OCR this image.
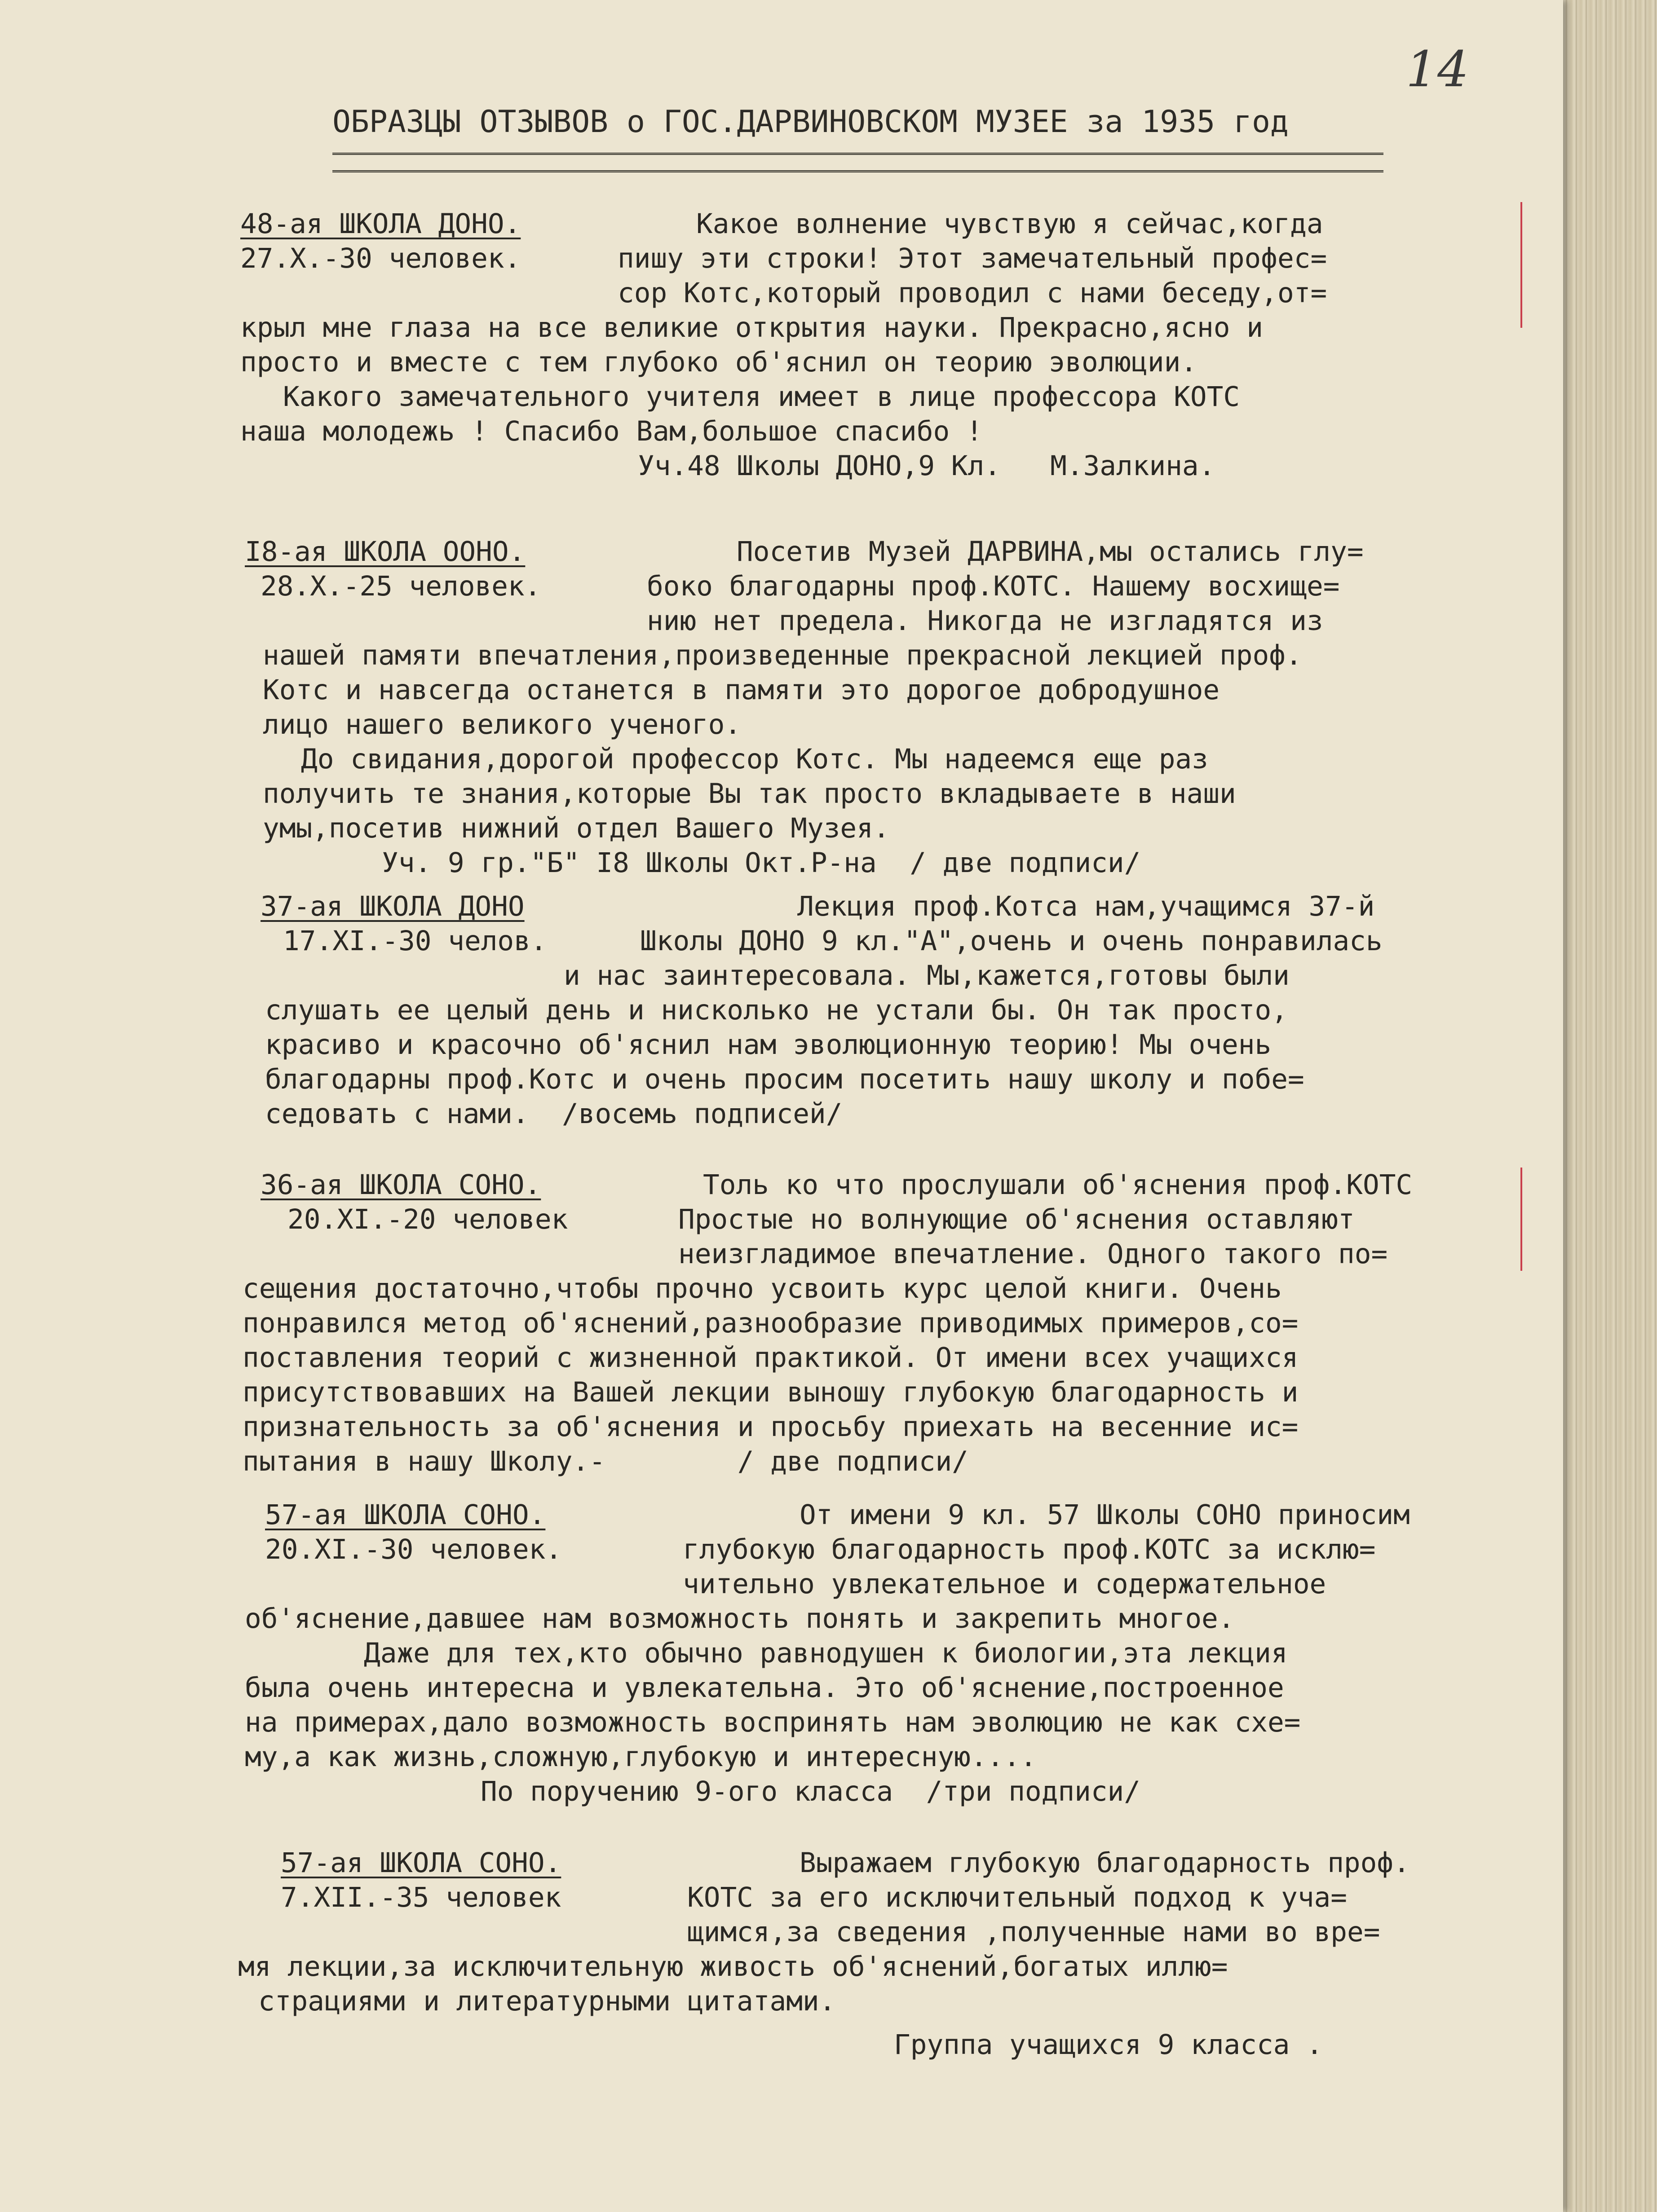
14
ОБРАЗЦЫ ОТЗЫВОВ о ГОС.ДАРВИНОВСКОМ МУЗЕЕ за 1935 год
48-ая ШКОЛА ДОНО.
27.X.-30 человек.
Какое волнение чувствую я сейчас,когда
пишу эти строки! Этот замечательный профес=
сор Котс,который проводил с нами беседу,от=
крыл мне глаза на все великие открытия науки. Прекрасно,ясно и
просто и вместе с тем глубоко об'яснил он теорию эволюции.
Какого замечательного учителя имеет в лице профессора КОТС
наша молодежь ! Спасибо Вам,большое спасибо !
Уч.48 Школы ДОНО,9 Кл.   М.Залкина.
I8-ая ШКОЛА ООНО.
28.X.-25 человек.
Посетив Музей ДАРВИНА,мы остались глу=
боко благодарны проф.КОТС. Нашему восхище=
нию нет предела. Никогда не изгладятся из
нашей памяти впечатления,произведенные прекрасной лекцией проф.
Котс и навсегда останется в памяти это дорогое добродушное
лицо нашего великого ученого.
До свидания,дорогой профессор Котс. Мы надеемся еще раз
получить те знания,которые Вы так просто вкладываете в наши
умы,посетив нижний отдел Вашего Музея.
Уч. 9 гр."Б" I8 Школы Окт.Р-на  / две подписи/
37-ая ШКОЛА ДОНО
17.XI.-30 челов.
Лекция проф.Котса нам,учащимся 37-й
Школы ДОНО 9 кл."А",очень и очень понравилась
и нас заинтересовала. Мы,кажется,готовы были
слушать ее целый день и нисколько не устали бы. Он так просто,
красиво и красочно об'яснил нам эволюционную теорию! Мы очень
благодарны проф.Котс и очень просим посетить нашу школу и побе=
седовать с нами.  /восемь подписей/
36-ая ШКОЛА СОНО.
20.XI.-20 человек
Толь ко что прослушали об'яснения проф.КОТС
Простые но волнующие об'яснения оставляют
неизгладимое впечатление. Одного такого по=
сещения достаточно,чтобы прочно усвоить курс целой книги. Очень
понравился метод об'яснений,разнообразие приводимых примеров,со=
поставления теорий с жизненной практикой. От имени всех учащихся
присутствовавших на Вашей лекции выношу глубокую благодарность и
признательность за об'яснения и просьбу приехать на весенние ис=
пытания в нашу Школу.-        / две подписи/
57-ая ШКОЛА СОНО.
20.XI.-30 человек.
От имени 9 кл. 57 Школы СОНО приносим
глубокую благодарность проф.КОТС за исклю=
чительно увлекательное и содержательное
об'яснение,давшее нам возможность понять и закрепить многое.
Даже для тех,кто обычно равнодушен к биологии,эта лекция
была очень интересна и увлекательна. Это об'яснение,построенное
на примерах,дало возможность воспринять нам эволюцию не как схе=
му,а как жизнь,сложную,глубокую и интересную....
По поручению 9-ого класса  /три подписи/
57-ая ШКОЛА СОНО.
7.XII.-35 человек
Выражаем глубокую благодарность проф.
КОТС за его исключительный подход к уча=
щимся,за сведения ,полученные нами во вре=
мя лекции,за исключительную живость об'яснений,богатых иллю=
страциями и литературными цитатами.
Группа учащихся 9 класса .
